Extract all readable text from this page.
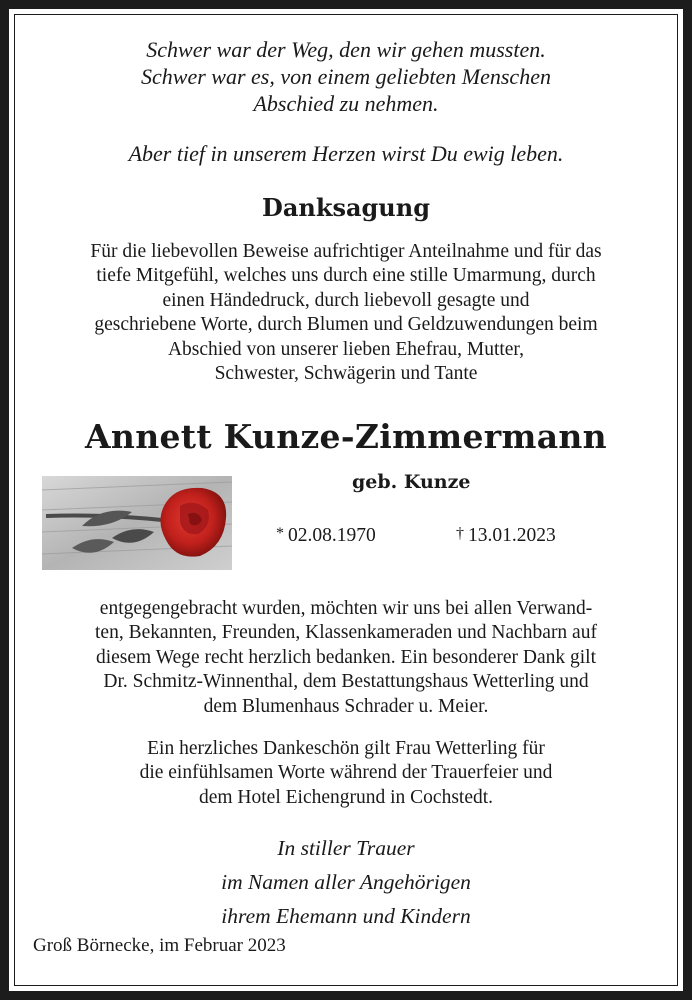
Schwer war der Weg, den wir gehen mussten.
Schwer war es, von einem geliebten Menschen
Abschied zu nehmen.
Aber tief in unserem Herzen wirst Du ewig leben.
Danksagung
Für die liebevollen Beweise aufrichtiger Anteilnahme und für das
tiefe Mitgefühl, welches uns durch eine stille Umarmung, durch
einen Händedruck, durch liebevoll gesagte und
geschriebene Worte, durch Blumen und Geldzuwendungen beim
Abschied von unserer lieben Ehefrau, Mutter,
Schwester, Schwägerin und Tante
Annett Kunze-Zimmermann

geb. Kunze

* 02.08.1970	† 13.01.2023

entgegengebracht wurden, möchten wir uns bei allen Verwand-
ten, Bekannten, Freunden, Klassenkameraden und Nachbarn auf
diesem Wege recht herzlich bedanken. Ein besonderer Dank gilt
Dr. Schmitz-Winnenthal, dem Bestattungshaus Wetterling und
dem Blumenhaus Schrader u. Meier.
Ein herzliches Dankeschön gilt Frau Wetterling für
die einfühlsamen Worte während der Trauerfeier und
dem Hotel Eichengrund in Cochstedt.
In stiller Trauer
im Namen aller Angehörigen
ihrem Ehemann und Kindern

Groß Börnecke, im Februar 2023
